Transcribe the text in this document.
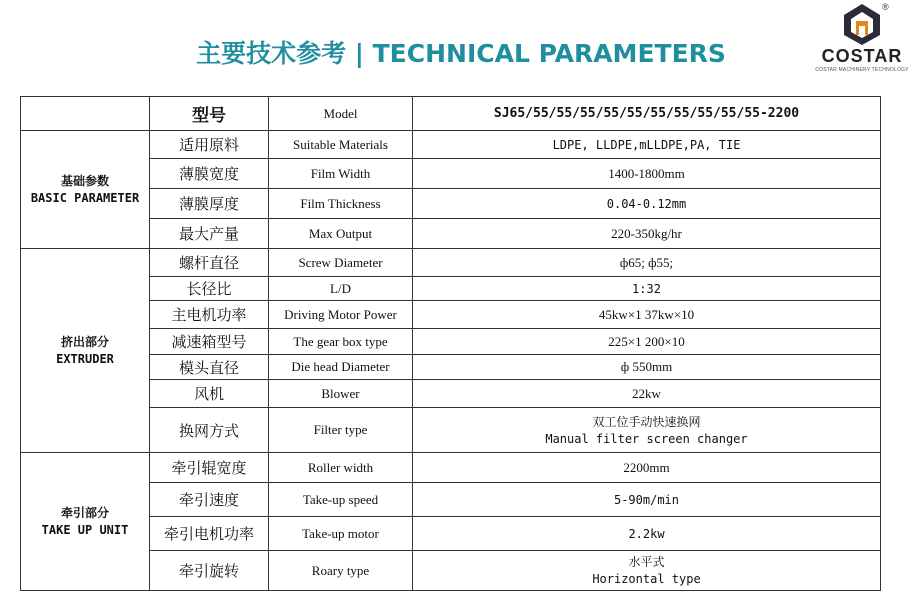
主要技术参考 | TECHNICAL PARAMETERS
®
COSTAR
COSTAR MACHINERY TECHNOLOGY
	型号	Model	SJ65/55/55/55/55/55/55/55/55/55/55-2200

基础参数
BASIC PARAMETER	适用原料	Suitable Materials	LDPE, LLDPE,mLLDPE,PA, TIE
	薄膜宽度	Film Width	1400-1800mm
	薄膜厚度	Film Thickness	0.04-0.12mm
	最大产量	Max Output	220-350kg/hr

挤出部分
EXTRUDER	螺杆直径	Screw Diameter	ф65; ф55;
	长径比	L/D	1:32
	主电机功率	Driving Motor Power	45kw×1 37kw×10
	减速箱型号	The gear box type	225×1 200×10
	模头直径	Die head Diameter	ф 550mm
	风机	Blower	22kw
	换网方式	Filter type	双工位手动快速换网
Manual filter screen changer

牵引部分
TAKE UP UNIT	牵引辊宽度	Roller width	2200mm
	牵引速度	Take-up speed	5-90m/min
	牵引电机功率	Take-up motor	2.2kw
	牵引旋转	Roary type	水平式
Horizontal type
